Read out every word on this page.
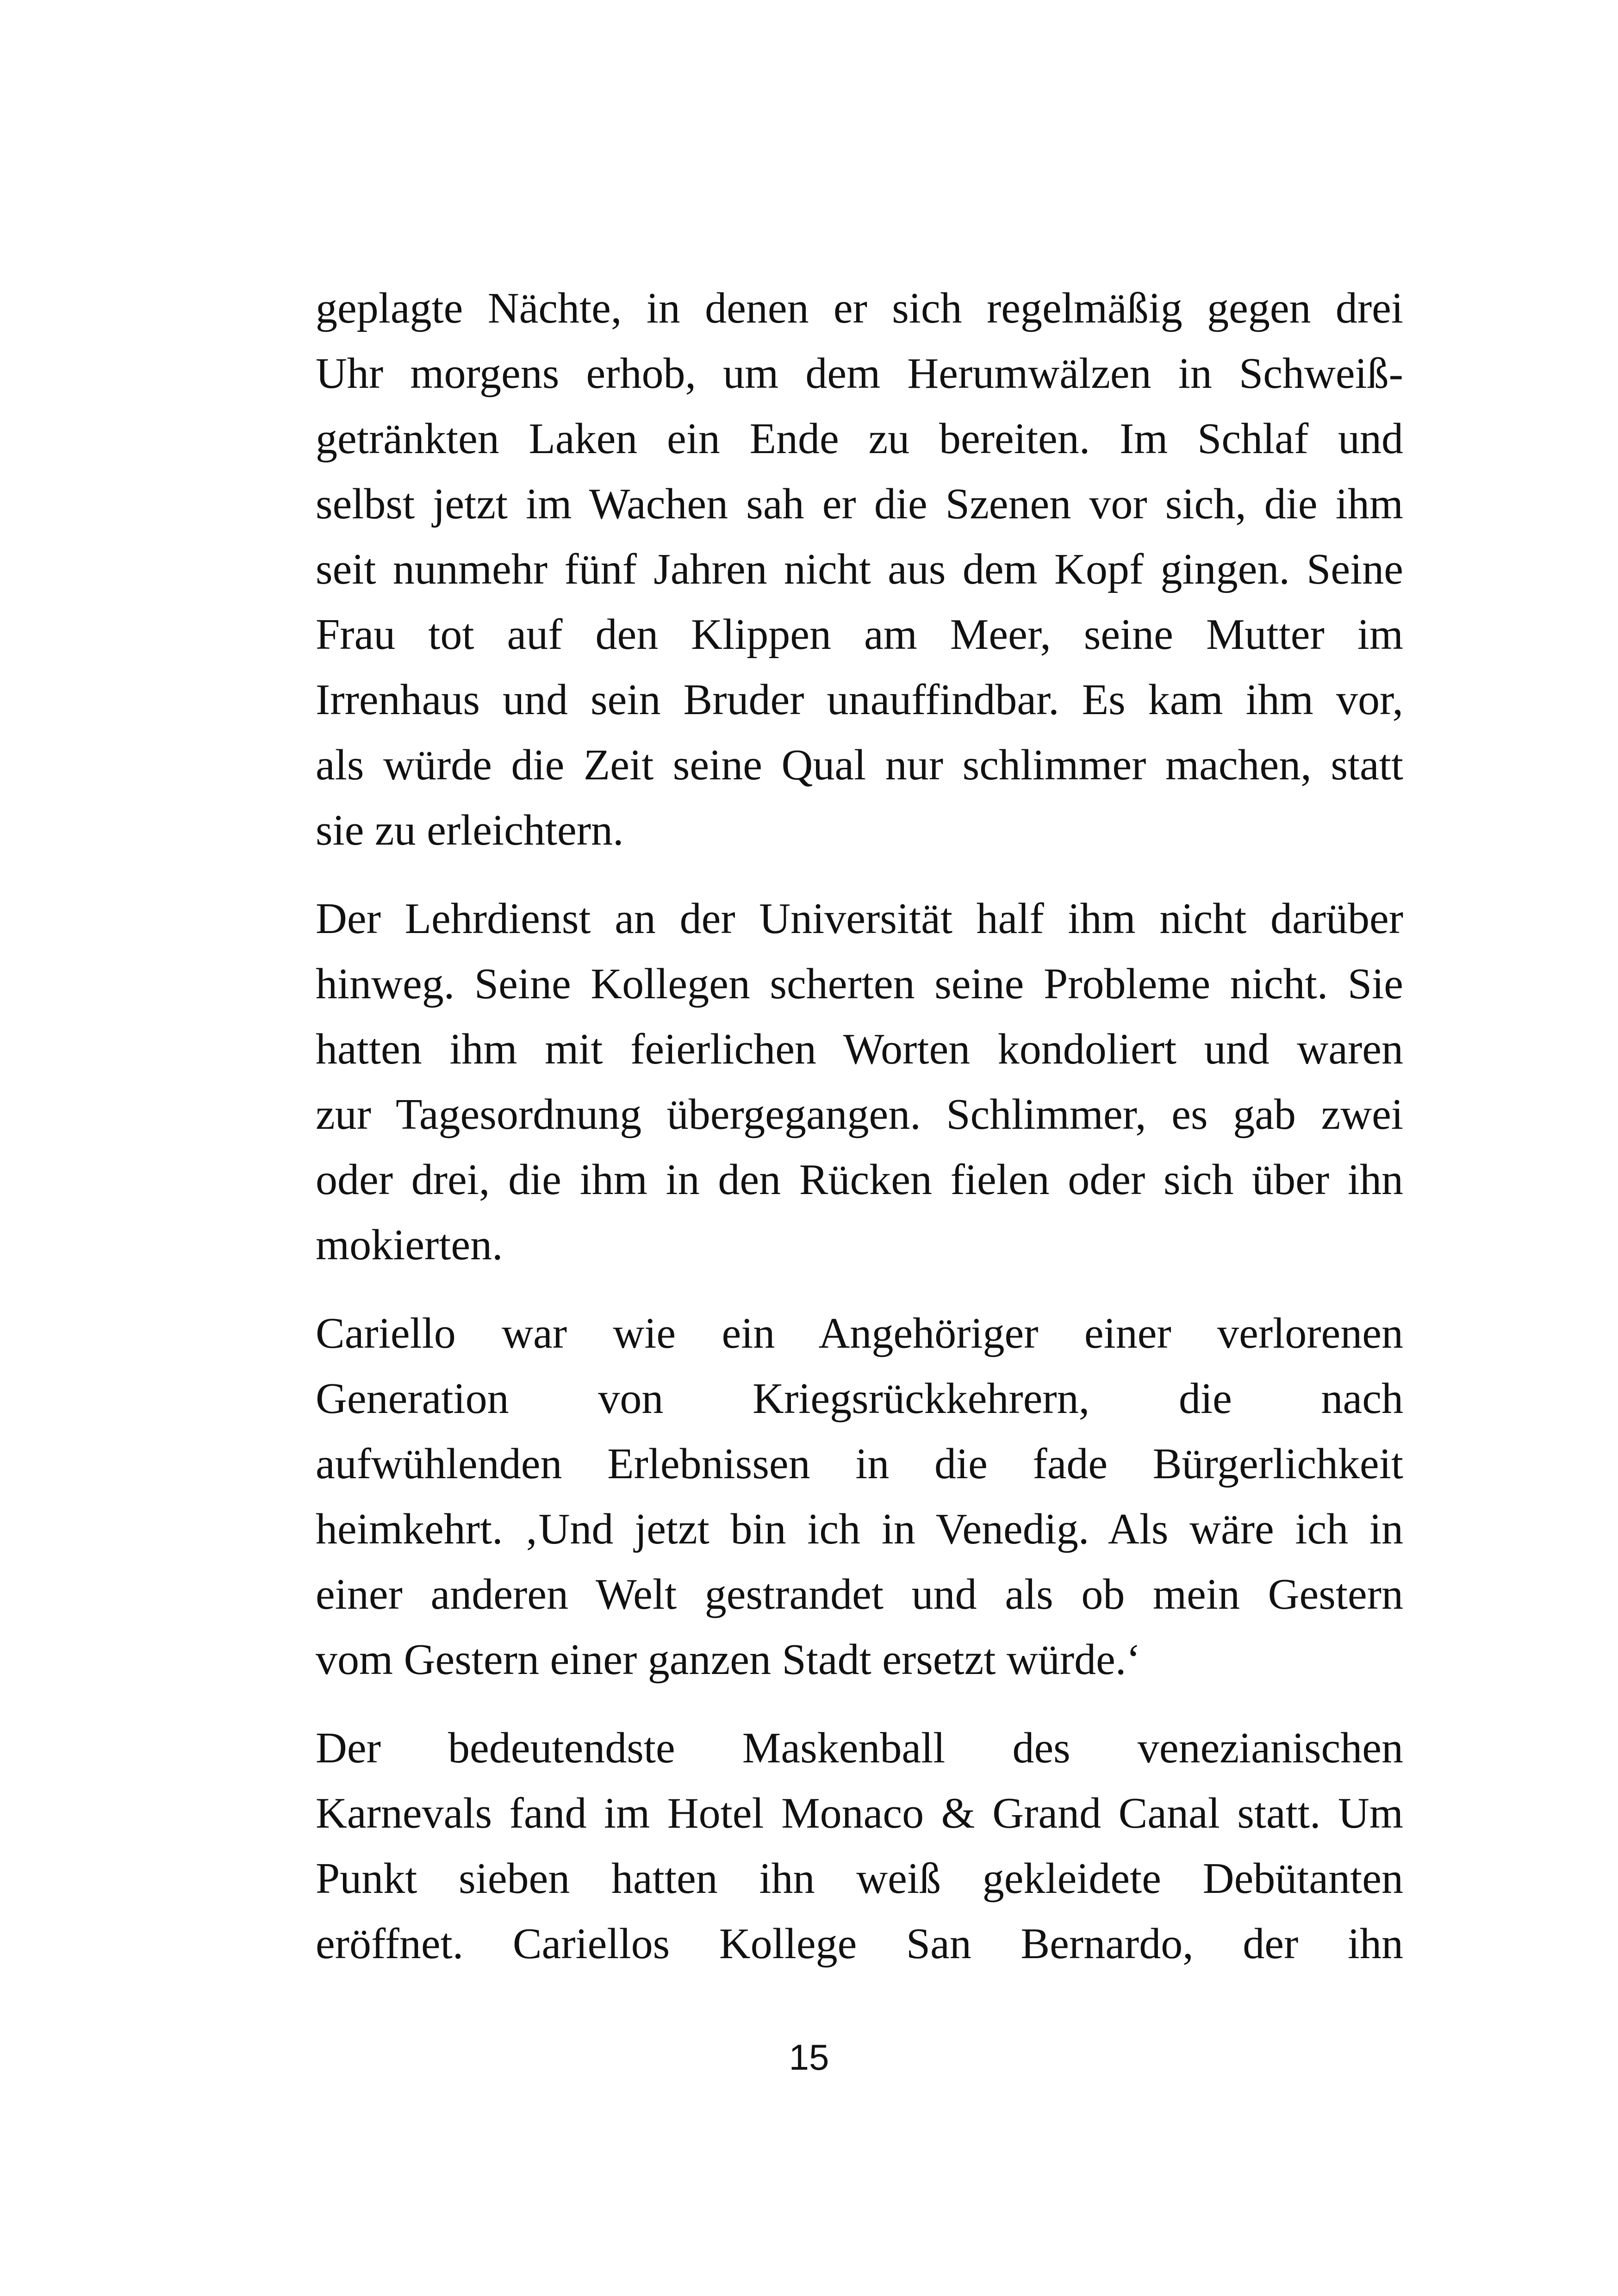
geplagte Nächte, in denen er sich regelmäßig gegen drei
Uhr morgens erhob, um dem Herumwälzen in Schweiß-
getränkten Laken ein Ende zu bereiten. Im Schlaf und
selbst jetzt im Wachen sah er die Szenen vor sich, die ihm
seit nunmehr fünf Jahren nicht aus dem Kopf gingen. Seine
Frau tot auf den Klippen am Meer, seine Mutter im
Irrenhaus und sein Bruder unauffindbar. Es kam ihm vor,
als würde die Zeit seine Qual nur schlimmer machen, statt
sie zu erleichtern.

Der Lehrdienst an der Universität half ihm nicht darüber
hinweg. Seine Kollegen scherten seine Probleme nicht. Sie
hatten ihm mit feierlichen Worten kondoliert und waren
zur Tagesordnung übergegangen. Schlimmer, es gab zwei
oder drei, die ihm in den Rücken fielen oder sich über ihn
mokierten.

Cariello war wie ein Angehöriger einer verlorenen
Generation von Kriegsrückkehrern, die nach
aufwühlenden Erlebnissen in die fade Bürgerlichkeit
heimkehrt. ‚Und jetzt bin ich in Venedig. Als wäre ich in
einer anderen Welt gestrandet und als ob mein Gestern
vom Gestern einer ganzen Stadt ersetzt würde.‘

Der bedeutendste Maskenball des venezianischen
Karnevals fand im Hotel Monaco & Grand Canal statt. Um
Punkt sieben hatten ihn weiß gekleidete Debütanten
eröffnet. Cariellos Kollege San Bernardo, der ihn

15
